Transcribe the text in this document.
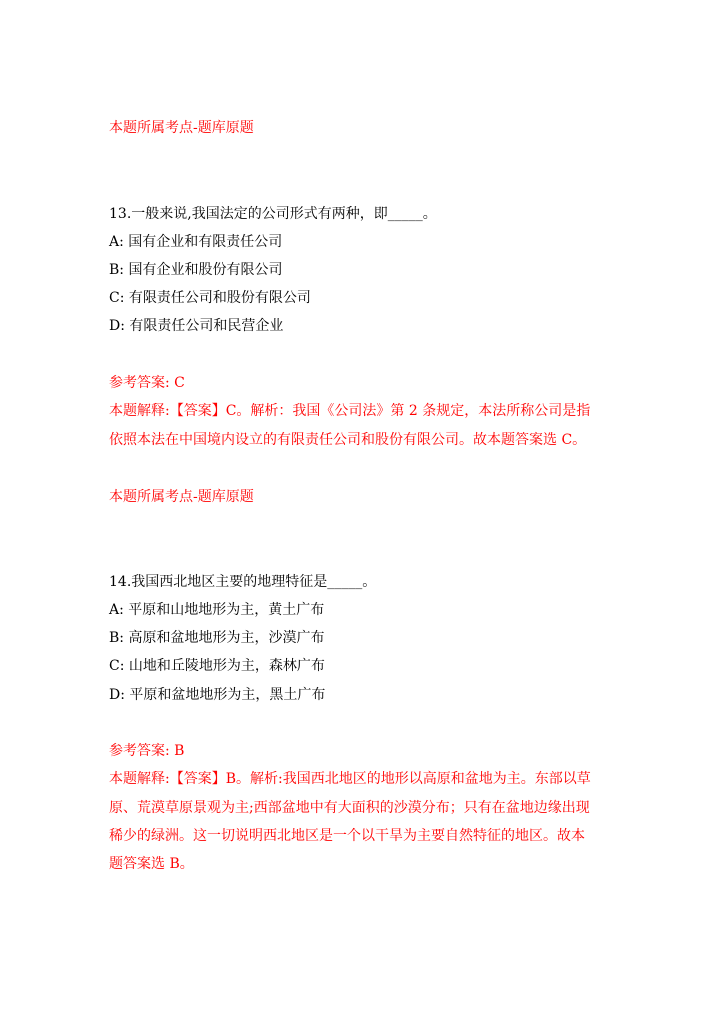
本题所属考点-题库原题
13.一般来说,我国法定的公司形式有两种，即_____。
A: 国有企业和有限责任公司
B: 国有企业和股份有限公司
C: 有限责任公司和股份有限公司
D: 有限责任公司和民营企业
参考答案: C
本题解释:【答案】C。解析：我国《公司法》第 2 条规定，本法所称公司是指
依照本法在中国境内设立的有限责任公司和股份有限公司。故本题答案选 C。
本题所属考点-题库原题
14.我国西北地区主要的地理特征是_____。
A: 平原和山地地形为主，黄土广布
B: 高原和盆地地形为主，沙漠广布
C: 山地和丘陵地形为主，森林广布
D: 平原和盆地地形为主，黑土广布
参考答案: B
本题解释:【答案】B。解析:我国西北地区的地形以高原和盆地为主。东部以草
原、荒漠草原景观为主;西部盆地中有大面积的沙漠分布；只有在盆地边缘出现
稀少的绿洲。这一切说明西北地区是一个以干旱为主要自然特征的地区。故本
题答案选 B。
